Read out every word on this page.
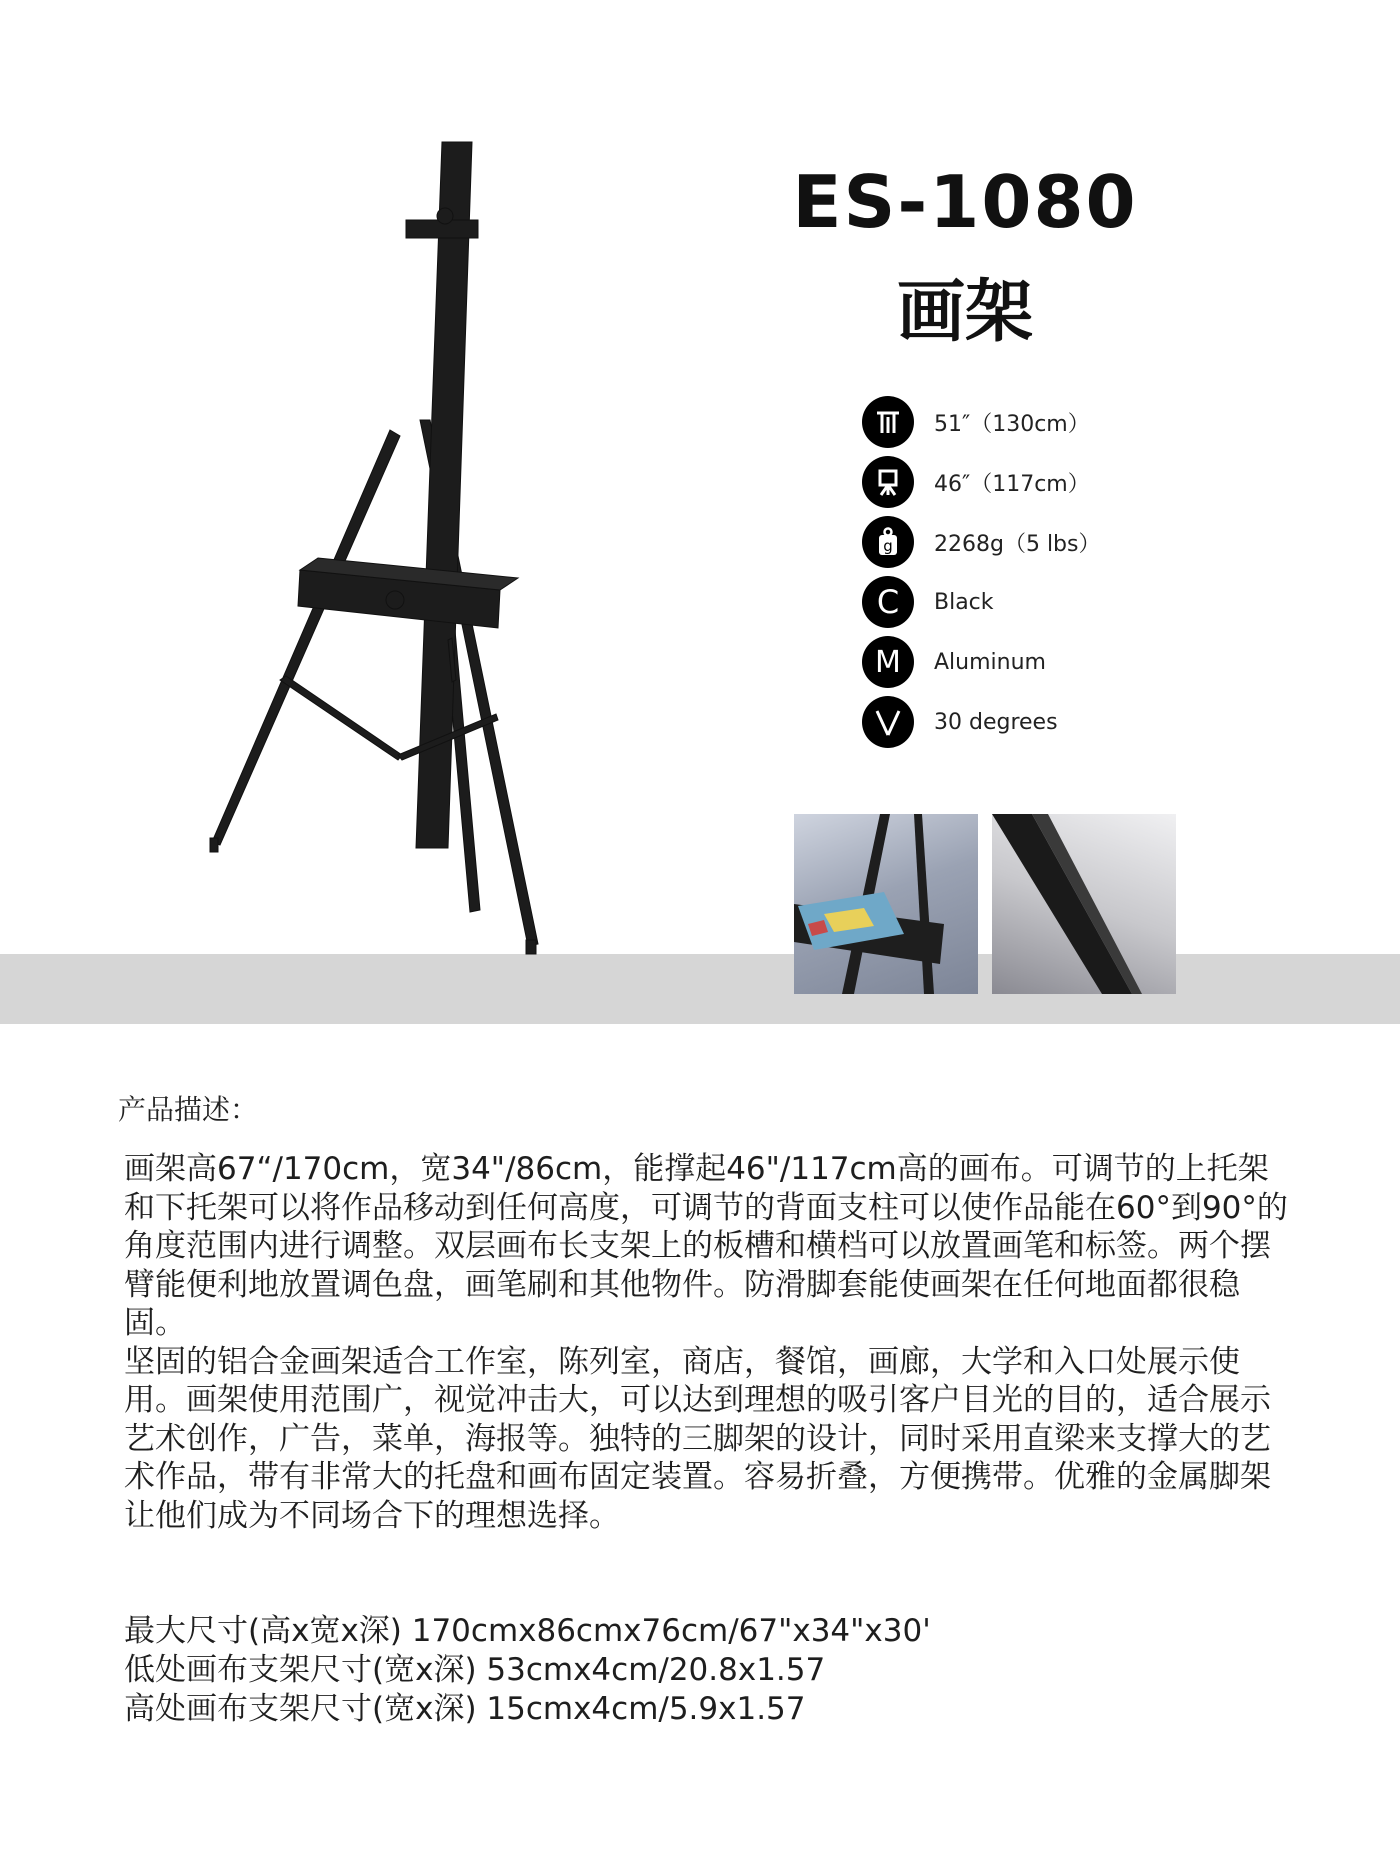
ES-1080
画架
51″（130cm）
46″（117cm）
g 2268g（5 lbs）
C Black
M Aluminum
30 degrees
产品描述：

画架高67“/170cm，宽34"/86cm，能撑起46"/117cm高的画布。可调节的上托架和下托架可以将作品移动到任何高度，可调节的背面支柱可以使作品能在60°到90°的角度范围内进行调整。双层画布长支架上的板槽和横档可以放置画笔和标签。两个摆臂能便利地放置调色盘，画笔刷和其他物件。防滑脚套能使画架在任何地面都很稳固。

坚固的铝合金画架适合工作室，陈列室，商店，餐馆，画廊，大学和入口处展示使用。画架使用范围广，视觉冲击大，可以达到理想的吸引客户目光的目的，适合展示艺术创作，广告，菜单，海报等。独特的三脚架的设计，同时采用直梁来支撑大的艺术作品，带有非常大的托盘和画布固定装置。容易折叠，方便携带。优雅的金属脚架让他们成为不同场合下的理想选择。

最大尺寸(高x宽x深) 170cmx86cmx76cm/67"x34"x30'
低处画布支架尺寸(宽x深) 53cmx4cm/20.8x1.57
高处画布支架尺寸(宽x深) 15cmx4cm/5.9x1.57
